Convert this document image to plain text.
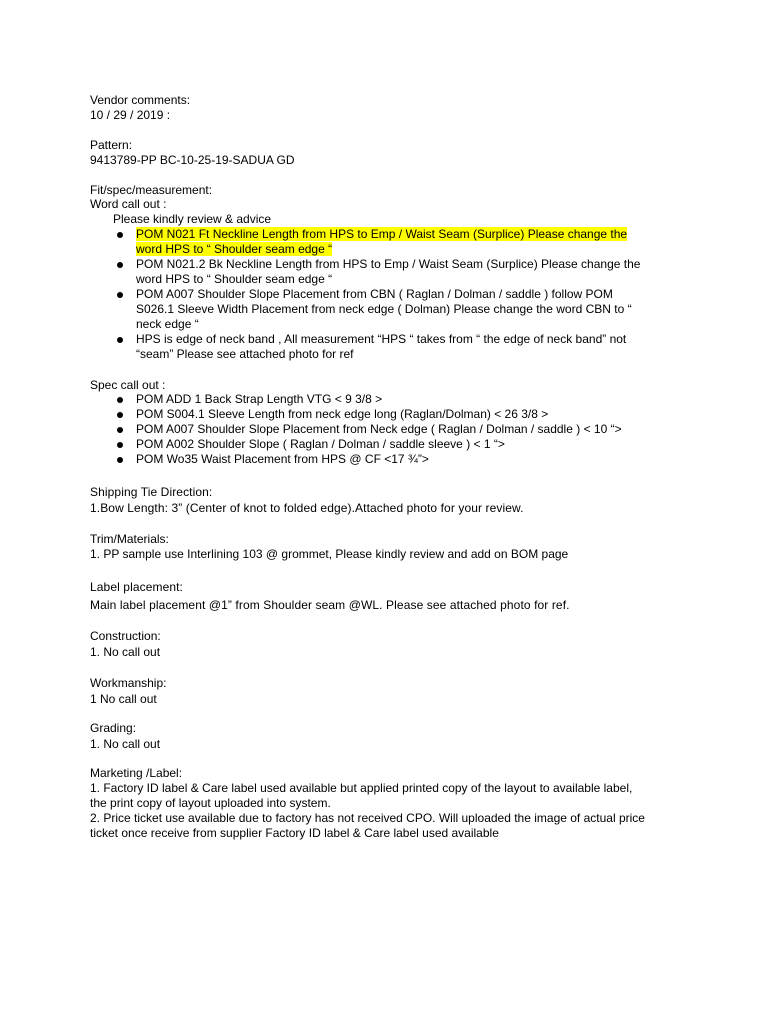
Vendor comments:
10 / 29 / 2019 :
Pattern:
9413789-PP BC-10-25-19-SADUA GD
Fit/spec/measurement:
Word call out :
Please kindly review & advice
POM N021 Ft Neckline Length from HPS to Emp / Waist Seam (Surplice) Please change the
word HPS to “ Shoulder seam edge “
POM N021.2 Bk Neckline Length from HPS to Emp / Waist Seam (Surplice) Please change the
word HPS to “ Shoulder seam edge “
POM A007 Shoulder Slope Placement from CBN ( Raglan / Dolman / saddle ) follow POM
S026.1 Sleeve Width Placement from neck edge ( Dolman) Please change the word CBN to “
neck edge “
HPS is edge of neck band , All measurement “HPS “ takes from “ the edge of neck band” not
“seam” Please see attached photo for ref
Spec call out :
POM ADD 1 Back Strap Length VTG < 9 3/8 >
POM S004.1 Sleeve Length from neck edge long (Raglan/Dolman) < 26 3/8 >
POM A007 Shoulder Slope Placement from Neck edge ( Raglan / Dolman / saddle ) < 10 “>
POM A002 Shoulder Slope ( Raglan / Dolman / saddle sleeve ) < 1 “>
POM Wo35 Waist Placement from HPS @ CF <17 ¾”>
Shipping Tie Direction:
1.Bow Length: 3” (Center of knot to folded edge).Attached photo for your review.
Trim/Materials:
1. PP sample use Interlining 103 @ grommet, Please kindly review and add on BOM page
Label placement:
Main label placement @1” from Shoulder seam @WL. Please see attached photo for ref.
Construction:
1. No call out
Workmanship:
1 No call out
Grading:
1. No call out
Marketing /Label:
1. Factory ID label & Care label used available but applied printed copy of the layout to available label,
the print copy of layout uploaded into system.
2. Price ticket use available due to factory has not received CPO. Will uploaded the image of actual price
ticket once receive from supplier Factory ID label & Care label used available
